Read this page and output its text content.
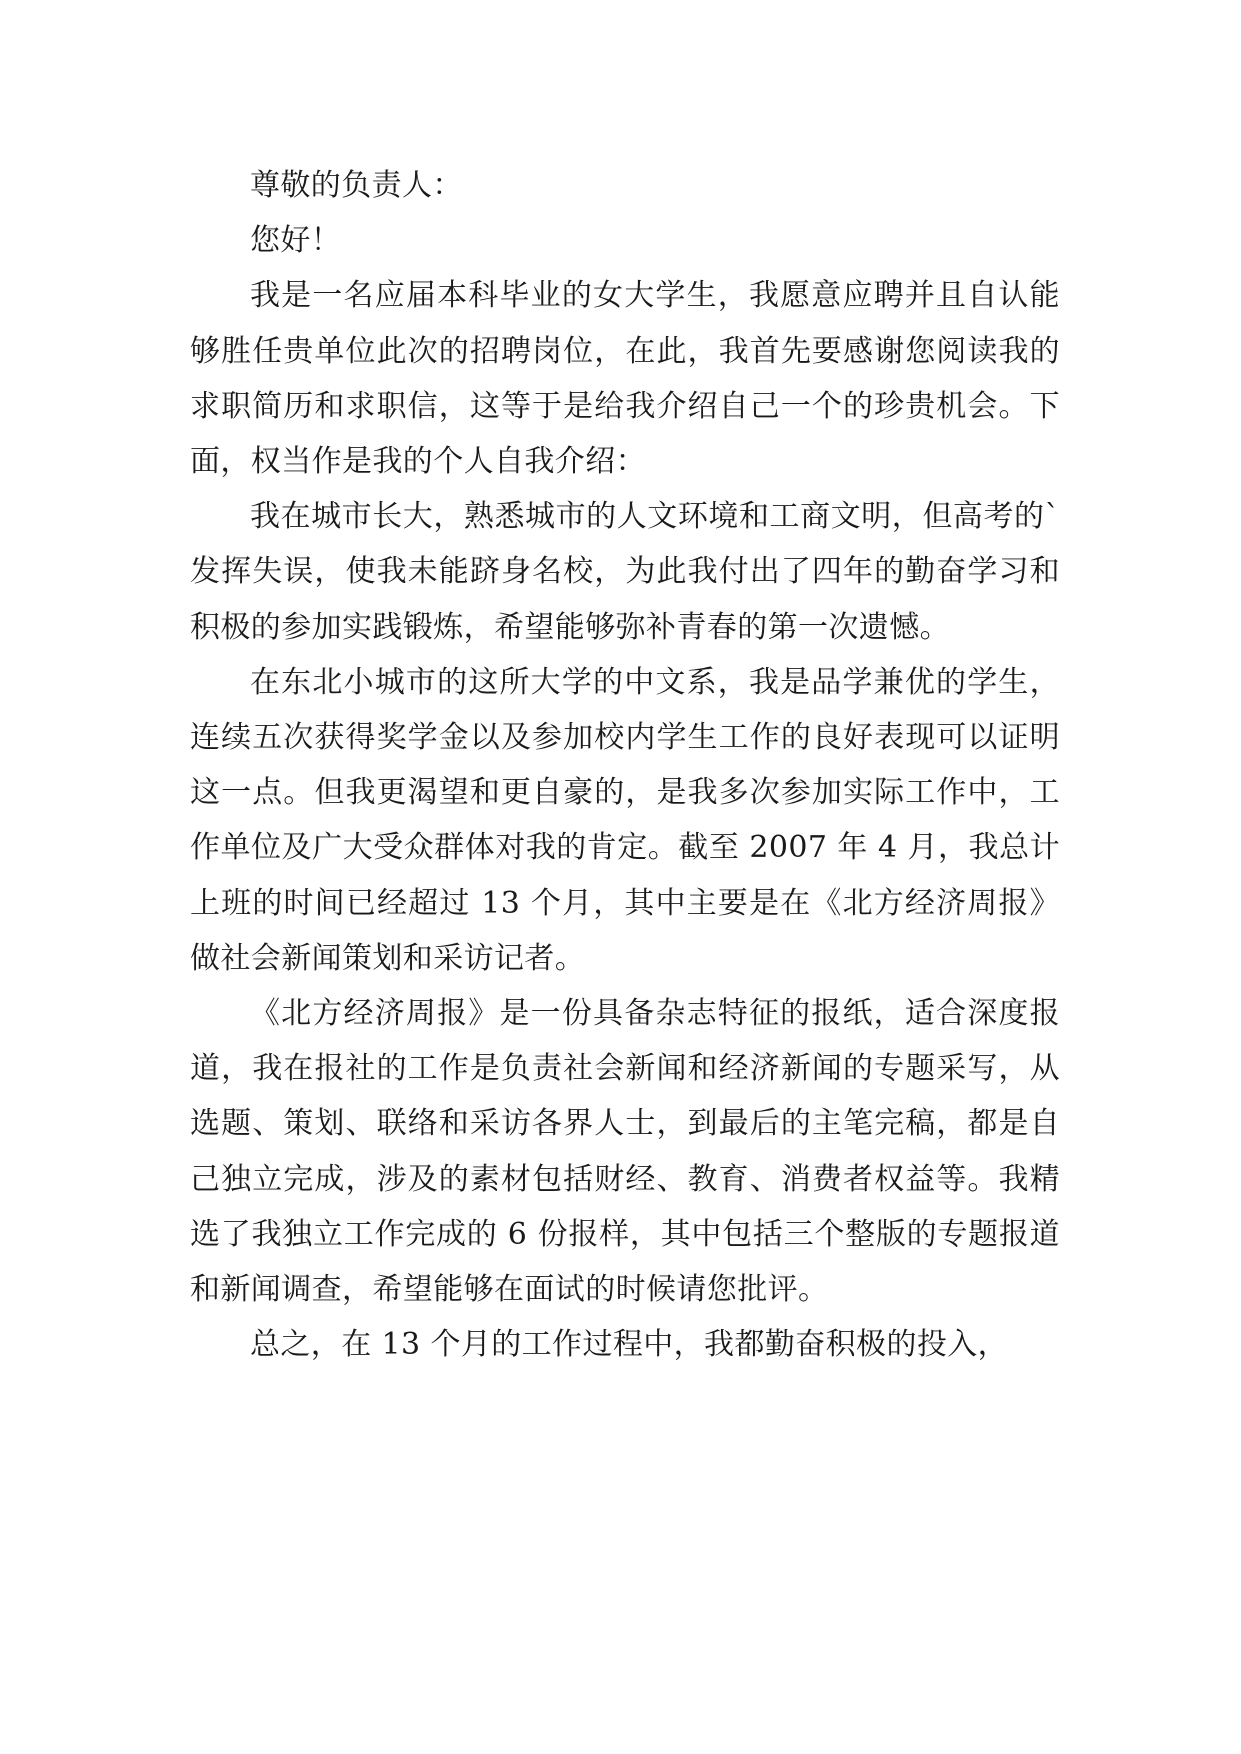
尊敬的负责人：

您好！

我是一名应届本科毕业的女大学生，我愿意应聘并且自认能够胜任贵单位此次的招聘岗位，在此，我首先要感谢您阅读我的求职简历和求职信，这等于是给我介绍自己一个的珍贵机会。下面，权当作是我的个人自我介绍：

我在城市长大，熟悉城市的人文环境和工商文明，但高考的`发挥失误，使我未能跻身名校，为此我付出了四年的勤奋学习和积极的参加实践锻炼，希望能够弥补青春的第一次遗憾。

在东北小城市的这所大学的中文系，我是品学兼优的学生，连续五次获得奖学金以及参加校内学生工作的良好表现可以证明这一点。但我更渴望和更自豪的，是我多次参加实际工作中，工作单位及广大受众群体对我的肯定。截至 2007 年 4 月，我总计上班的时间已经超过 13 个月，其中主要是在《北方经济周报》做社会新闻策划和采访记者。

《北方经济周报》是一份具备杂志特征的报纸，适合深度报道，我在报社的工作是负责社会新闻和经济新闻的专题采写，从选题、策划、联络和采访各界人士，到最后的主笔完稿，都是自己独立完成，涉及的素材包括财经、教育、消费者权益等。我精选了我独立工作完成的 6 份报样，其中包括三个整版的专题报道和新闻调查，希望能够在面试的时候请您批评。

总之，在 13 个月的工作过程中，我都勤奋积极的投入，
